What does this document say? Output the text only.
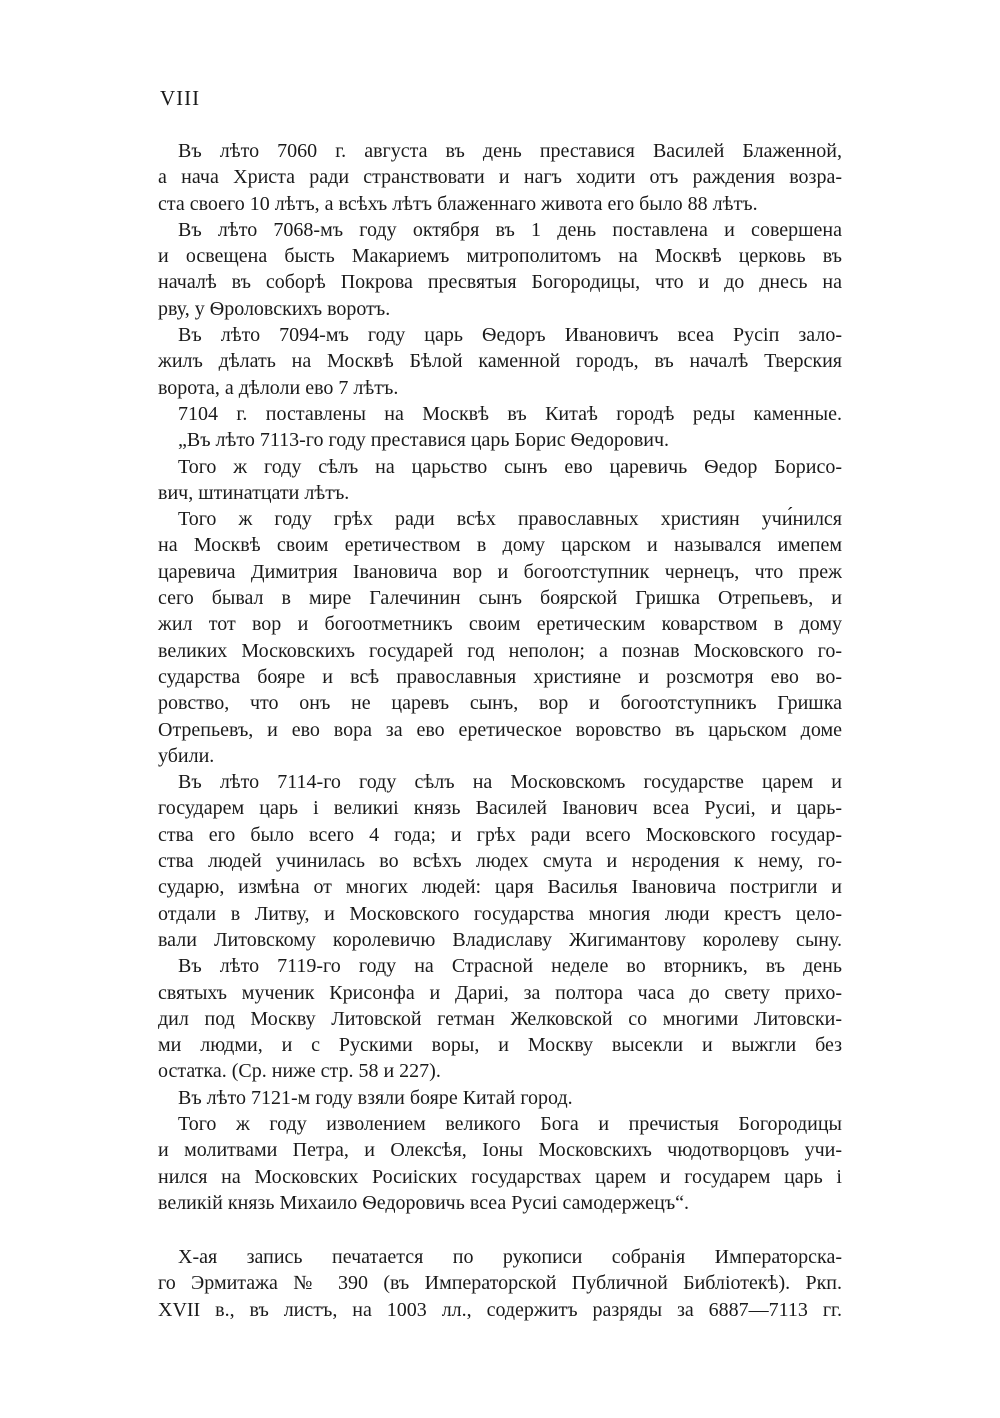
VIII
Въ лѣто 7060 г. августа въ день преставися Василей Блаженной,
а нача Христа ради странствовати и нагъ ходити отъ раждения возра-
ста своего 10 лѣтъ, а всѣхъ лѣтъ блаженнаго живота его было 88 лѣтъ.
Въ лѣто 7068-мъ году октября въ 1 день поставлена и совершена
и освещена бысть Макариемъ митрополитомъ на Москвѣ церковь въ
началѣ въ соборѣ Покрова пресвятыя Богородицы, что и до днесь на
рву, у Ѳроловскихъ воротъ.
Въ лѣто 7094-мъ году царь Ѳедоръ Ивановичъ всеа Русіп зало-
жилъ дѣлать на Москвѣ Бѣлой каменной городъ, въ началѣ Тверския
ворота, а дѣлоли ево 7 лѣтъ.
7104 г. поставлены на Москвѣ въ Китаѣ городѣ реды каменные.
„Въ лѣто 7113-го году преставися царь Борис Ѳедорович.
Того ж году сѣлъ на царьство сынъ ево царевичь Ѳедор Борисо-
вич, штинатцати лѣтъ.
Того ж году грѣх ради всѣх православных християн учи́нился
на Москвѣ своим еретичеством в дому царском и назывался имепем
царевича Димитрия Івановича вор и богоотступник чернецъ, что преж
сего бывал в мире Галечинин сынъ боярской Гришка Отрепьевъ, и
жил тот вор и богоотметникъ своим еретическим коварством в дому
великих Московскихъ государей год неполон; а познав Московского го-
сударства бояре и всѣ православныя християне и розсмотря ево во-
ровство, что онъ не царевъ сынъ, вор и богоотступникъ Гришка
Отрепьевъ, и ево вора за ево еретическое воровство въ царьском доме
убили.
Въ лѣто 7114-го году сѣлъ на Московскомъ государстве царем и
государем царь і великиі князь Василей Іванович всеа Русиі, и царь-
ства его было всего 4 года; и грѣх ради всего Московского государ-
ства людей учинилась во всѣхъ людех смута и нεродения к нему, го-
сударю, измѣна от многих людей: царя Василья Івановича постригли и
отдали в Литву, и Московского государства многия люди крестъ цело-
вали Литовскому королевичю Владиславу Жигимантову королеву сыну.
Въ лѣто 7119-го году на Страсной неделе во вторникъ, въ день
святыхъ мученик Крисонфа и Дариі, за полтора часа до свету прихо-
дил под Москву Литовской гетман Желковской со многими Литовски-
ми людми, и с Рускими воры, и Москву высекли и выжгли без
остатка. (Ср. ниже стр. 58 и 227).
Въ лѣто 7121-м году взяли бояре Китай город.
Того ж году изволением великого Бога и пречистыя Богородицы
и молитвами Петра, и Олексѣя, Іоны Московскихъ чюдотворцовъ учи-
нился на Московских Росиіских государствах царем и государем царь і
великій князь Михаило Ѳедоровичь всеа Русиі самодержецъ“.
Х-ая запись печатается по рукописи собранія Императорска-
го Эрмитажа № 390 (въ Императорской Публичной Библіотекѣ). Ркп.
XVII в., въ листъ, на 1003 лл., содержитъ разряды за 6887—7113 гг.
